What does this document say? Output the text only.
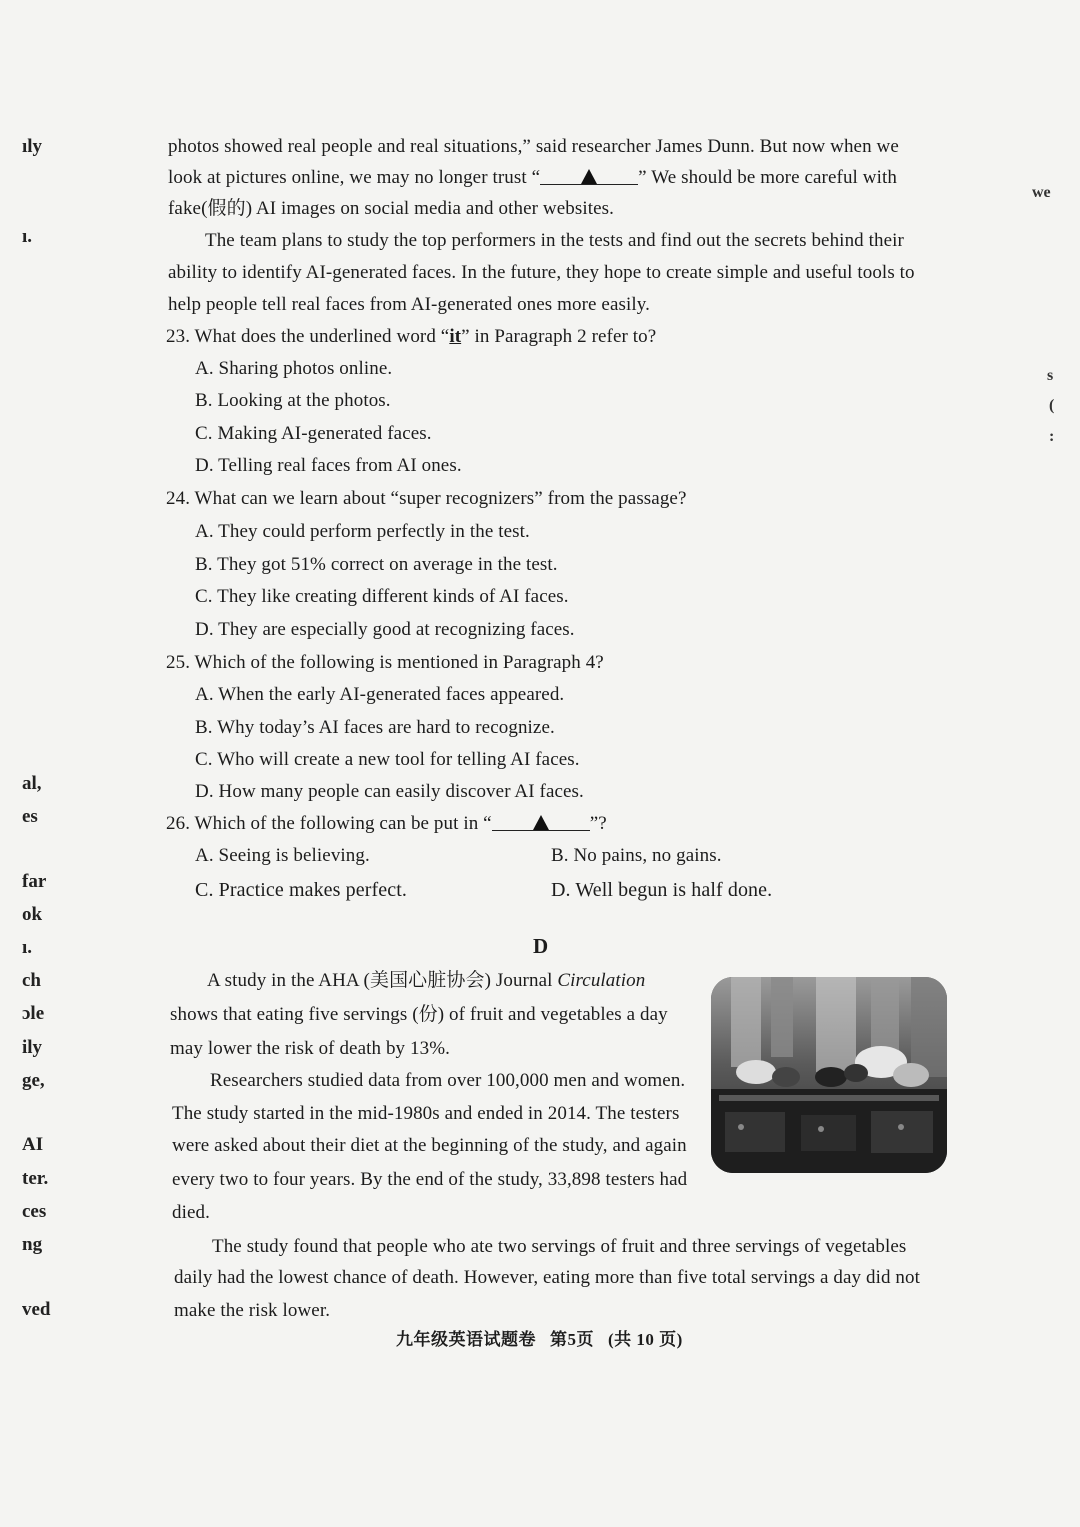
ıly
ı.
al,
es
far
ok
ı.
ch
ɔle
ily
ge,
AI
ter.
ces
ng
ved
we
s
(
:
photos showed real people and real situations,” said researcher James Dunn. But now when we
look at pictures online, we may no longer trust “	” We should be more careful with
fake(假的) AI images on social media and other websites.
The team plans to study the top performers in the tests and find out the secrets behind their
ability to identify AI-generated faces. In the future, they hope to create simple and useful tools to
help people tell real faces from AI-generated ones more easily.
23. What does the underlined word “it” in Paragraph 2 refer to?
A. Sharing photos online.
B. Looking at the photos.
C. Making AI-generated faces.
D. Telling real faces from AI ones.
24. What can we learn about “super recognizers” from the passage?
A. They could perform perfectly in the test.
B. They got 51% correct on average in the test.
C. They like creating different kinds of AI faces.
D. They are especially good at recognizing faces.
25. Which of the following is mentioned in Paragraph 4?
A. When the early AI-generated faces appeared.
B. Why today’s AI faces are hard to recognize.
C. Who will create a new tool for telling AI faces.
D. How many people can easily discover AI faces.
26. Which of the following can be put in “	”?
A. Seeing is believing.	B. No pains, no gains.
C. Practice makes perfect.	D. Well begun is half done.
D
A study in the AHA (美国心脏协会) Journal Circulation
shows that eating five servings (份) of fruit and vegetables a day
may lower the risk of death by 13%.
Researchers studied data from over 100,000 men and women.
The study started in the mid-1980s and ended in 2014. The testers
were asked about their diet at the beginning of the study, and again
every two to four years. By the end of the study, 33,898 testers had
died.
The study found that people who ate two servings of fruit and three servings of vegetables
daily had the lowest chance of death. However, eating more than five total servings a day did not
make the risk lower.
九年级英语试题卷 第5页 (共 10 页)
